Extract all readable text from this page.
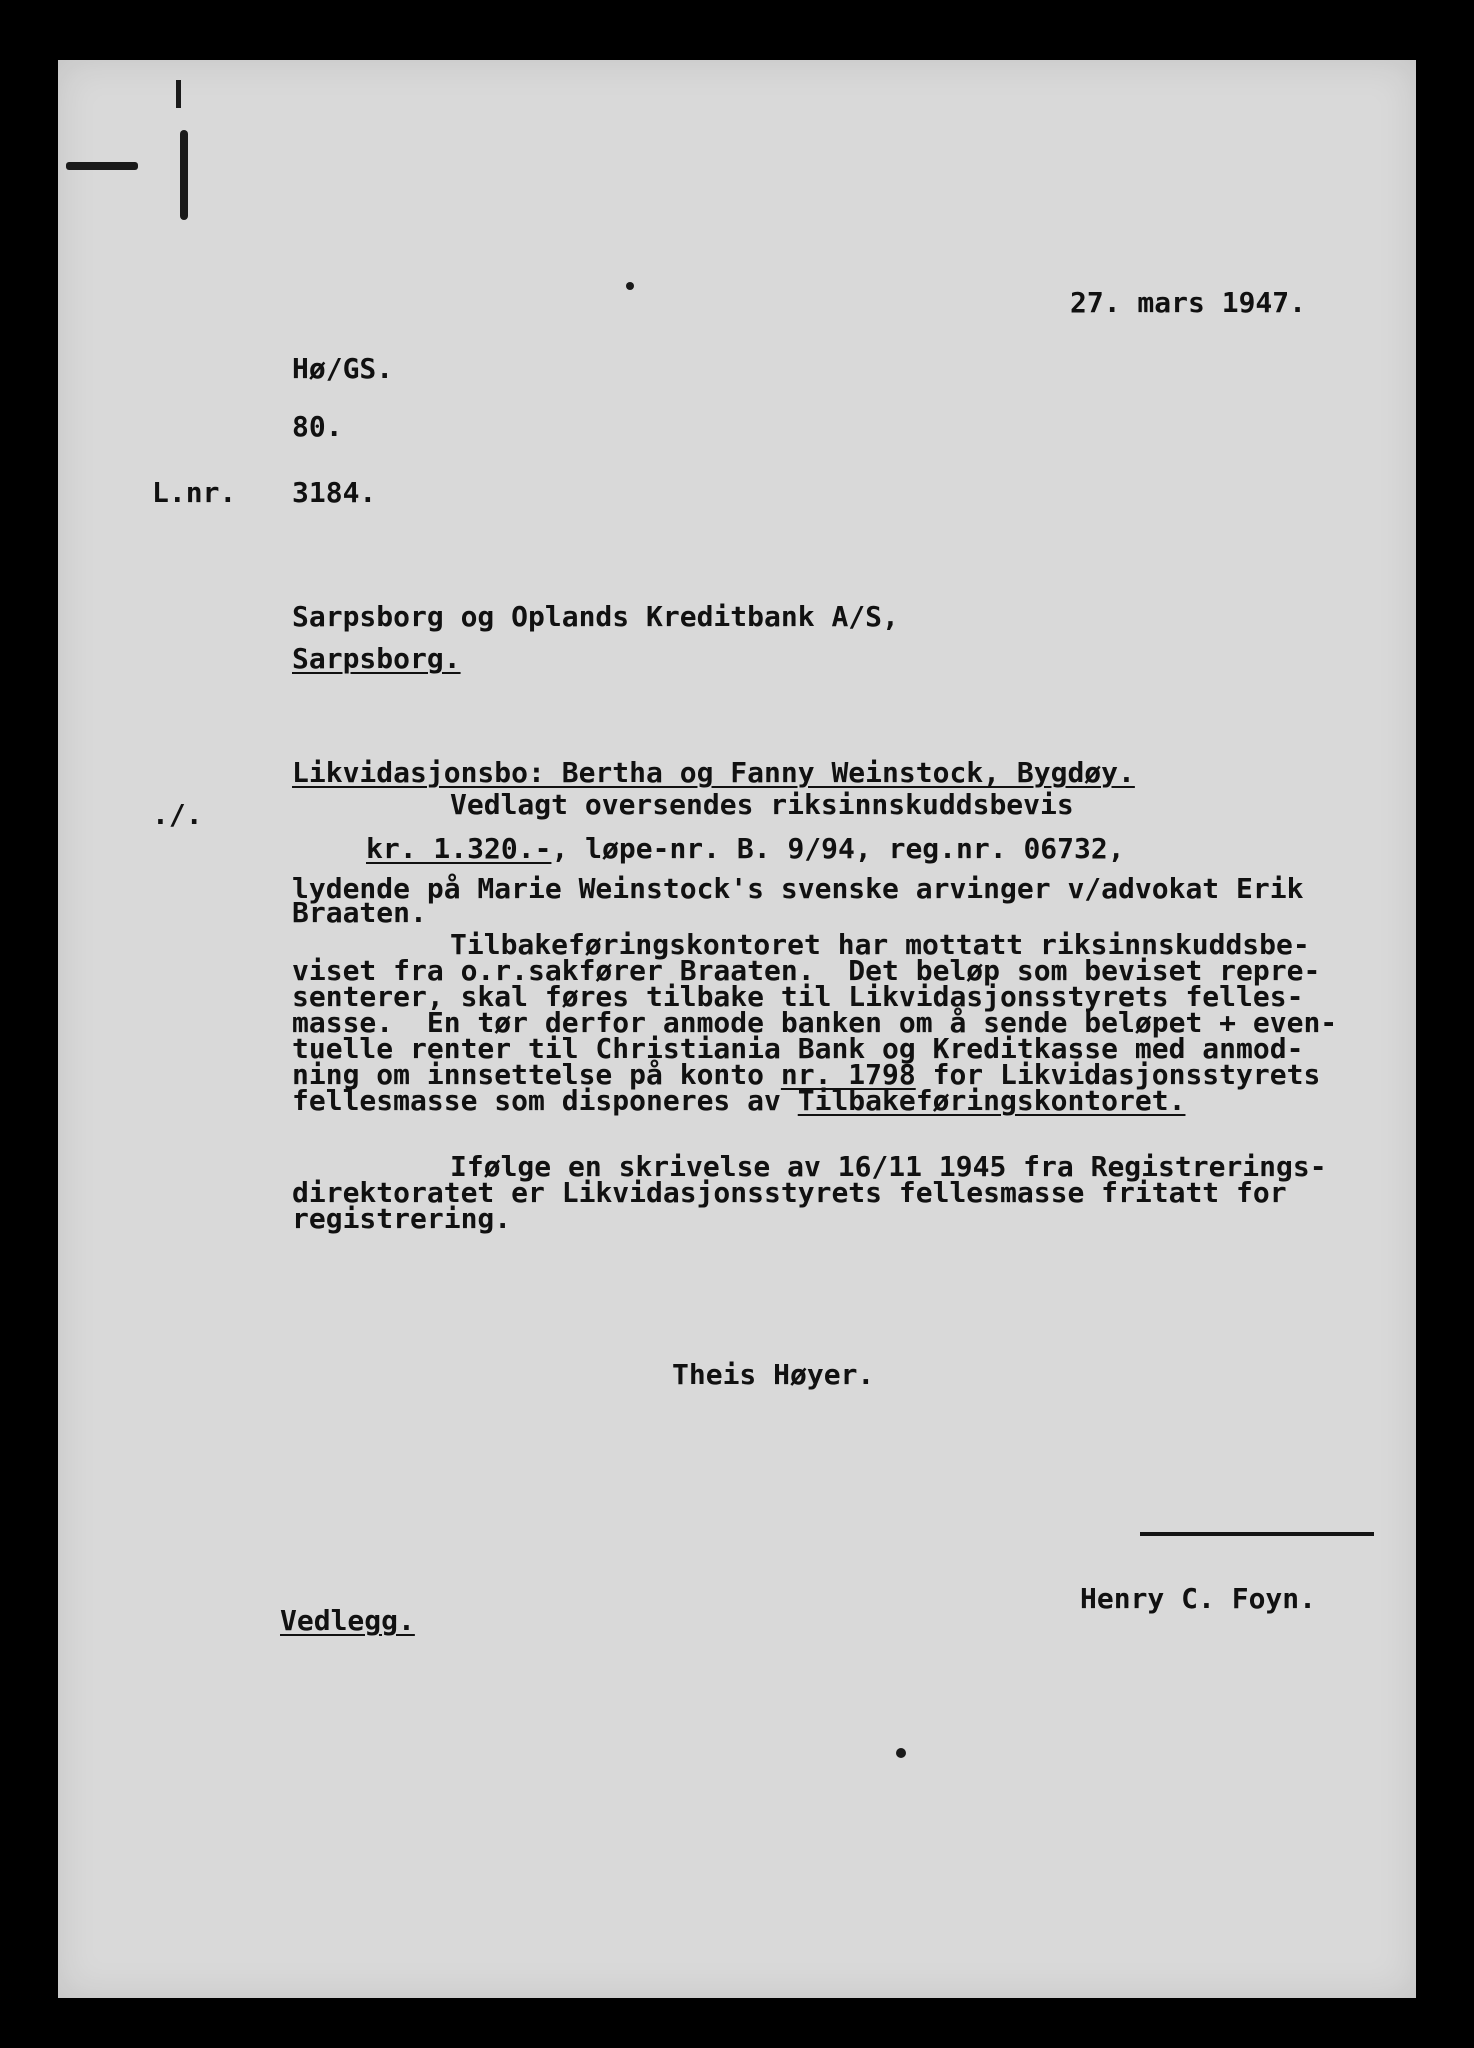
27. mars 1947.
Hø/GS.
80.
L.nr. 3184.
Sarpsborg og Oplands Kreditbank A/S,
Sarpsborg.
Likvidasjonsbo: Bertha og Fanny Weinstock, Bygdøy.
./.	Vedlagt oversendes riksinnskuddsbevis
kr. 1.320.-, løpe-nr. B. 9/94, reg.nr. 06732,
lydende på Marie Weinstock's svenske arvinger v/advokat Erik
Braaten.
Tilbakeføringskontoret har mottatt riksinnskuddsbe-
viset fra o.r.sakfører Braaten.  Det beløp som beviset repre-
senterer, skal føres tilbake til Likvidasjonsstyrets felles-
masse.  En tør derfor anmode banken om å sende beløpet + even-
tuelle renter til Christiania Bank og Kreditkasse med anmod-
ning om innsettelse på konto nr. 1798 for Likvidasjonsstyrets
fellesmasse som disponeres av Tilbakeføringskontoret.
Ifølge en skrivelse av 16/11 1945 fra Registrerings-
direktoratet er Likvidasjonsstyrets fellesmasse fritatt for
registrering.
Theis Høyer.
Henry C. Foyn.
Vedlegg.
